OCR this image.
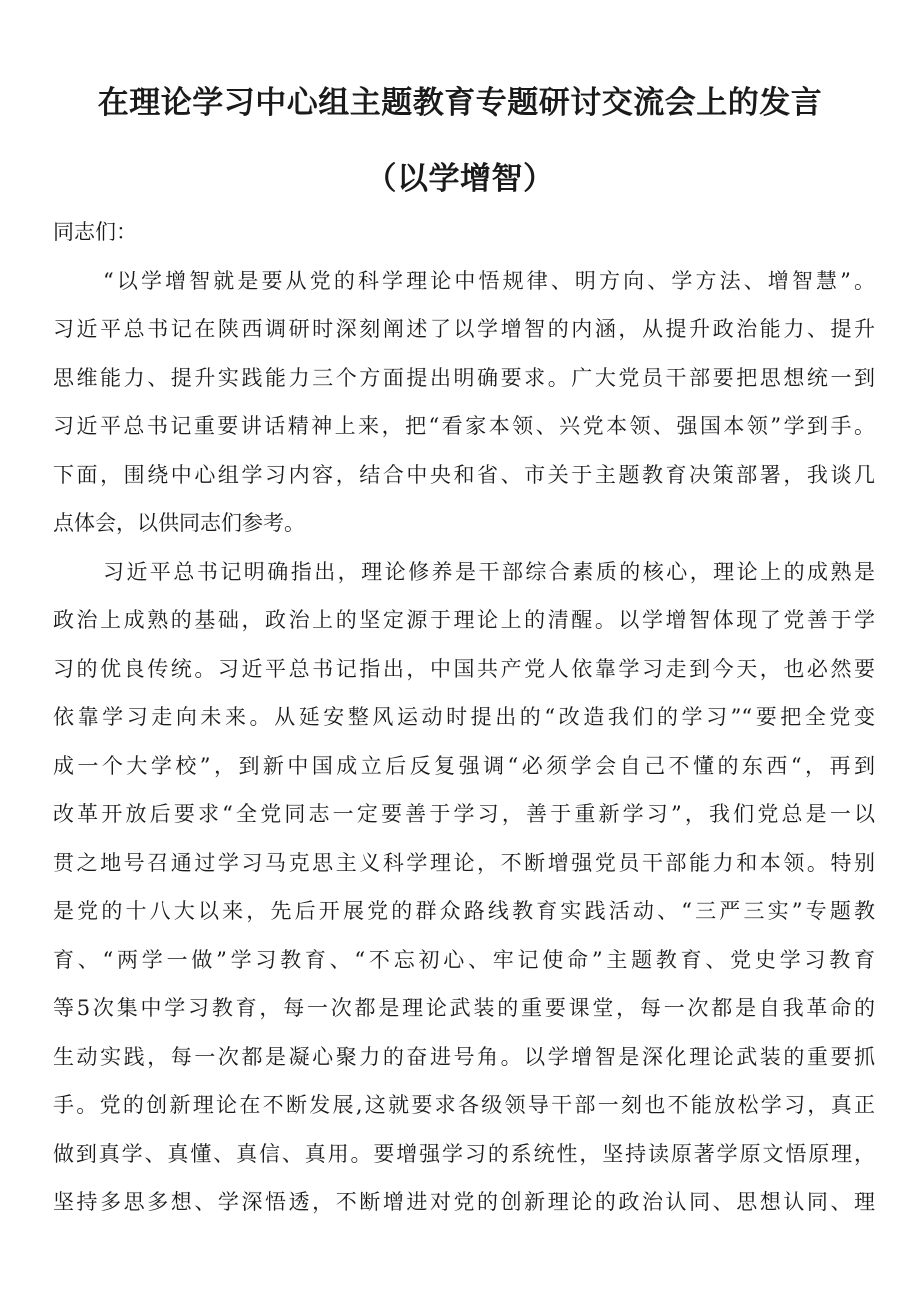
在理论学习中心组主题教育专题研讨交流会上的发言
（以学增智）
同志们：
“以学增智就是要从党的科学理论中悟规律、明方向、学方法、增智慧”。
习近平总书记在陕西调研时深刻阐述了以学增智的内涵，从提升政治能力、提升
思维能力、提升实践能力三个方面提出明确要求。广大党员干部要把思想统一到
习近平总书记重要讲话精神上来，把“看家本领、兴党本领、强国本领”学到手。
下面，围绕中心组学习内容，结合中央和省、市关于主题教育决策部署，我谈几
点体会，以供同志们参考。
习近平总书记明确指出，理论修养是干部综合素质的核心，理论上的成熟是
政治上成熟的基础，政治上的坚定源于理论上的清醒。以学增智体现了党善于学
习的优良传统。习近平总书记指出，中国共产党人依靠学习走到今天，也必然要
依靠学习走向未来。从延安整风运动时提出的“改造我们的学习”“要把全党变
成一个大学校”，到新中国成立后反复强调“必须学会自己不懂的东西“，再到
改革开放后要求“全党同志一定要善于学习，善于重新学习”，我们党总是一以
贯之地号召通过学习马克思主义科学理论，不断增强党员干部能力和本领。特别
是党的十八大以来，先后开展党的群众路线教育实践活动、“三严三实”专题教
育、“两学一做”学习教育、“不忘初心、牢记使命”主题教育、党史学习教育
等5次集中学习教育，每一次都是理论武装的重要课堂，每一次都是自我革命的
生动实践，每一次都是凝心聚力的奋进号角。以学增智是深化理论武装的重要抓
手。党的创新理论在不断发展,这就要求各级领导干部一刻也不能放松学习，真正
做到真学、真懂、真信、真用。要增强学习的系统性，坚持读原著学原文悟原理，
坚持多思多想、学深悟透，不断增进对党的创新理论的政治认同、思想认同、理
